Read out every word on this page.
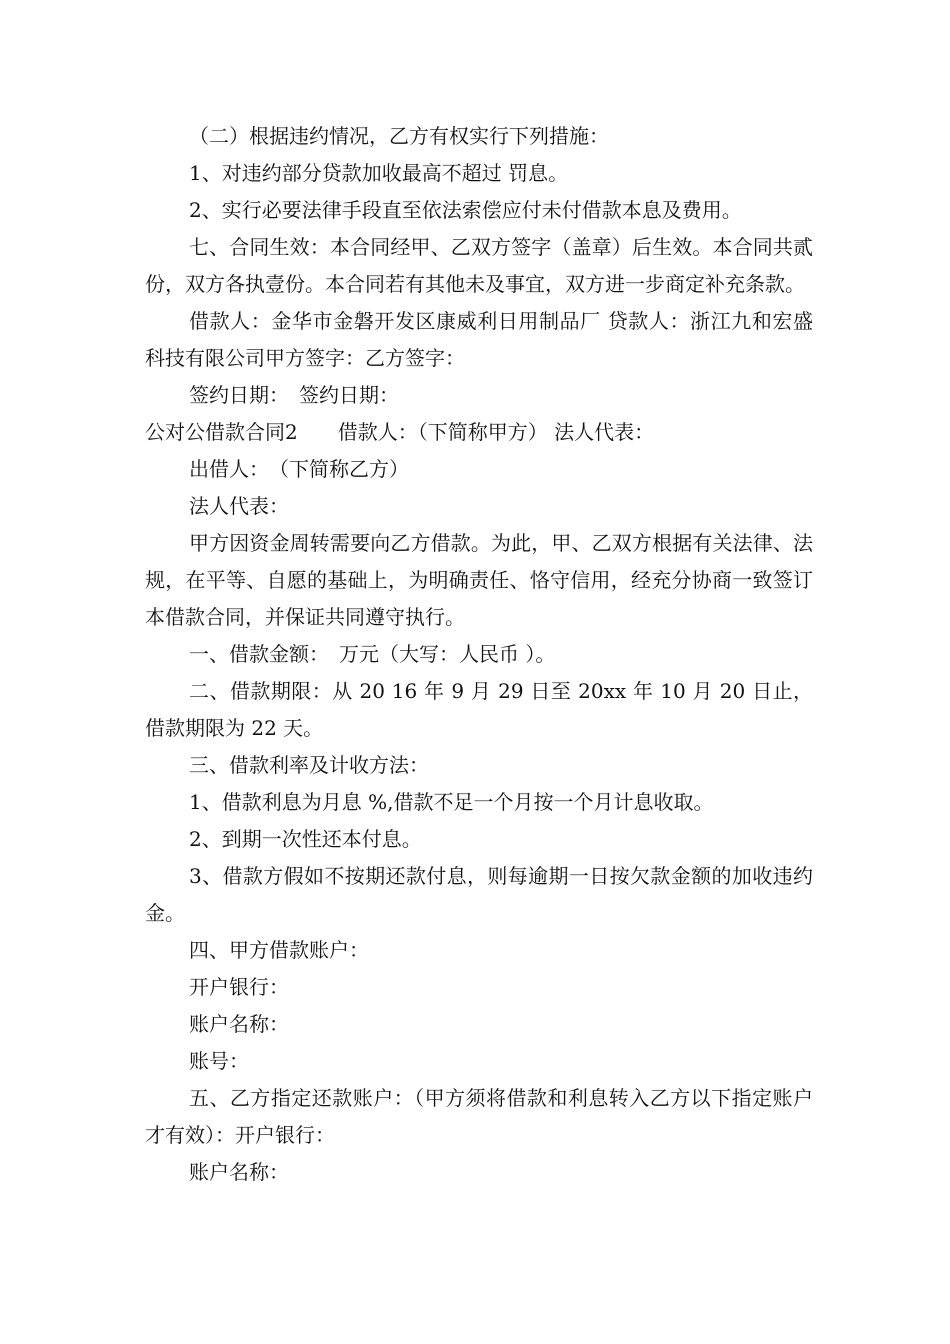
（二）根据违约情况，乙方有权实行下列措施：

1、对违约部分贷款加收最高不超过 罚息。

2、实行必要法律手段直至依法索偿应付未付借款本息及费用。

七、合同生效：本合同经甲、乙双方签字（盖章）后生效。本合同共贰份，双方各执壹份。本合同若有其他未及事宜，双方进一步商定补充条款。

借款人：金华市金磐开发区康威利日用制品厂 贷款人：浙江九和宏盛科技有限公司甲方签字：乙方签字：

签约日期：　签约日期：

公对公借款合同2　　借款人：（下简称甲方） 法人代表：

出借人：　（下简称乙方）

法人代表：

甲方因资金周转需要向乙方借款。为此，甲、乙双方根据有关法律、法规，在平等、自愿的基础上，为明确责任、恪守信用，经充分协商一致签订本借款合同，并保证共同遵守执行。

一、借款金额：　万元（大写：人民币 ）。

二、借款期限：从 20 16 年 9 月 29 日至 20xx 年 10 月 20 日止，借款期限为 22 天。

三、借款利率及计收方法：

1、借款利息为月息 %,借款不足一个月按一个月计息收取。

2、到期一次性还本付息。

3、借款方假如不按期还款付息，则每逾期一日按欠款金额的加收违约金。

四、甲方借款账户：

开户银行：

账户名称：

账号：

五、乙方指定还款账户：（甲方须将借款和利息转入乙方以下指定账户才有效）：开户银行：

账户名称：
